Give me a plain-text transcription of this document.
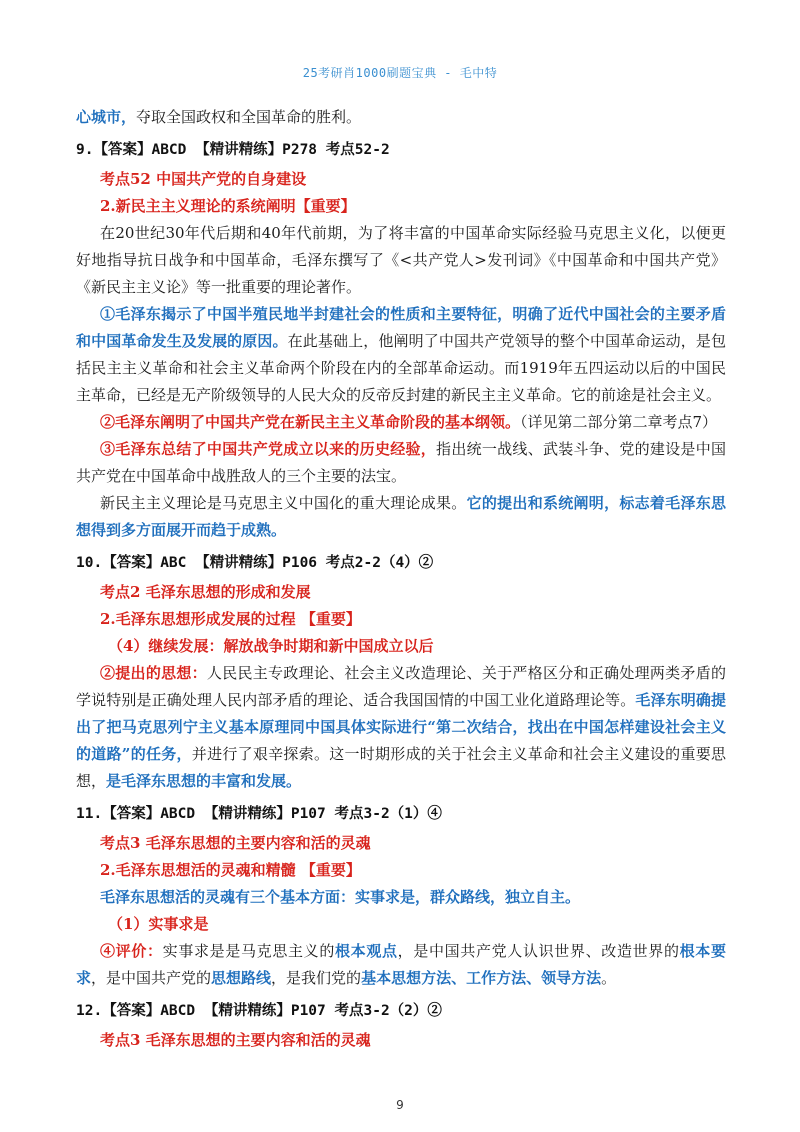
25考研肖1000刷题宝典 - 毛中特

心城市，夺取全国政权和全国革命的胜利。

9.【答案】ABCD 【精讲精练】P278 考点52-2
考点52 中国共产党的自身建设
2.新民主主义理论的系统阐明【重要】

在20世纪30年代后期和40年代前期，为了将丰富的中国革命实际经验马克思主义化，以便更好地指导抗日战争和中国革命，毛泽东撰写了《<共产党人>发刊词》《中国革命和中国共产党》《新民主主义论》等一批重要的理论著作。

①毛泽东揭示了中国半殖民地半封建社会的性质和主要特征，明确了近代中国社会的主要矛盾和中国革命发生及发展的原因。在此基础上，他阐明了中国共产党领导的整个中国革命运动，是包括民主主义革命和社会主义革命两个阶段在内的全部革命运动。而1919年五四运动以后的中国民主革命，已经是无产阶级领导的人民大众的反帝反封建的新民主主义革命。它的前途是社会主义。

②毛泽东阐明了中国共产党在新民主主义革命阶段的基本纲领。（详见第二部分第二章考点7）

③毛泽东总结了中国共产党成立以来的历史经验，指出统一战线、武装斗争、党的建设是中国共产党在中国革命中战胜敌人的三个主要的法宝。

新民主主义理论是马克思主义中国化的重大理论成果。它的提出和系统阐明，标志着毛泽东思想得到多方面展开而趋于成熟。

10.【答案】ABC 【精讲精练】P106 考点2-2（4）②
考点2 毛泽东思想的形成和发展
2.毛泽东思想形成发展的过程 【重要】
（4）继续发展：解放战争时期和新中国成立以后

②提出的思想：人民民主专政理论、社会主义改造理论、关于严格区分和正确处理两类矛盾的学说特别是正确处理人民内部矛盾的理论、适合我国国情的中国工业化道路理论等。毛泽东明确提出了把马克思列宁主义基本原理同中国具体实际进行“第二次结合，找出在中国怎样建设社会主义的道路”的任务，并进行了艰辛探索。这一时期形成的关于社会主义革命和社会主义建设的重要思想，是毛泽东思想的丰富和发展。

11.【答案】ABCD 【精讲精练】P107 考点3-2（1）④
考点3 毛泽东思想的主要内容和活的灵魂
2.毛泽东思想活的灵魂和精髓 【重要】
毛泽东思想活的灵魂有三个基本方面：实事求是，群众路线，独立自主。
（1）实事求是

④评价：实事求是是马克思主义的根本观点，是中国共产党人认识世界、改造世界的根本要求，是中国共产党的思想路线，是我们党的基本思想方法、工作方法、领导方法。

12.【答案】ABCD 【精讲精练】P107 考点3-2（2）②
考点3 毛泽东思想的主要内容和活的灵魂
9
